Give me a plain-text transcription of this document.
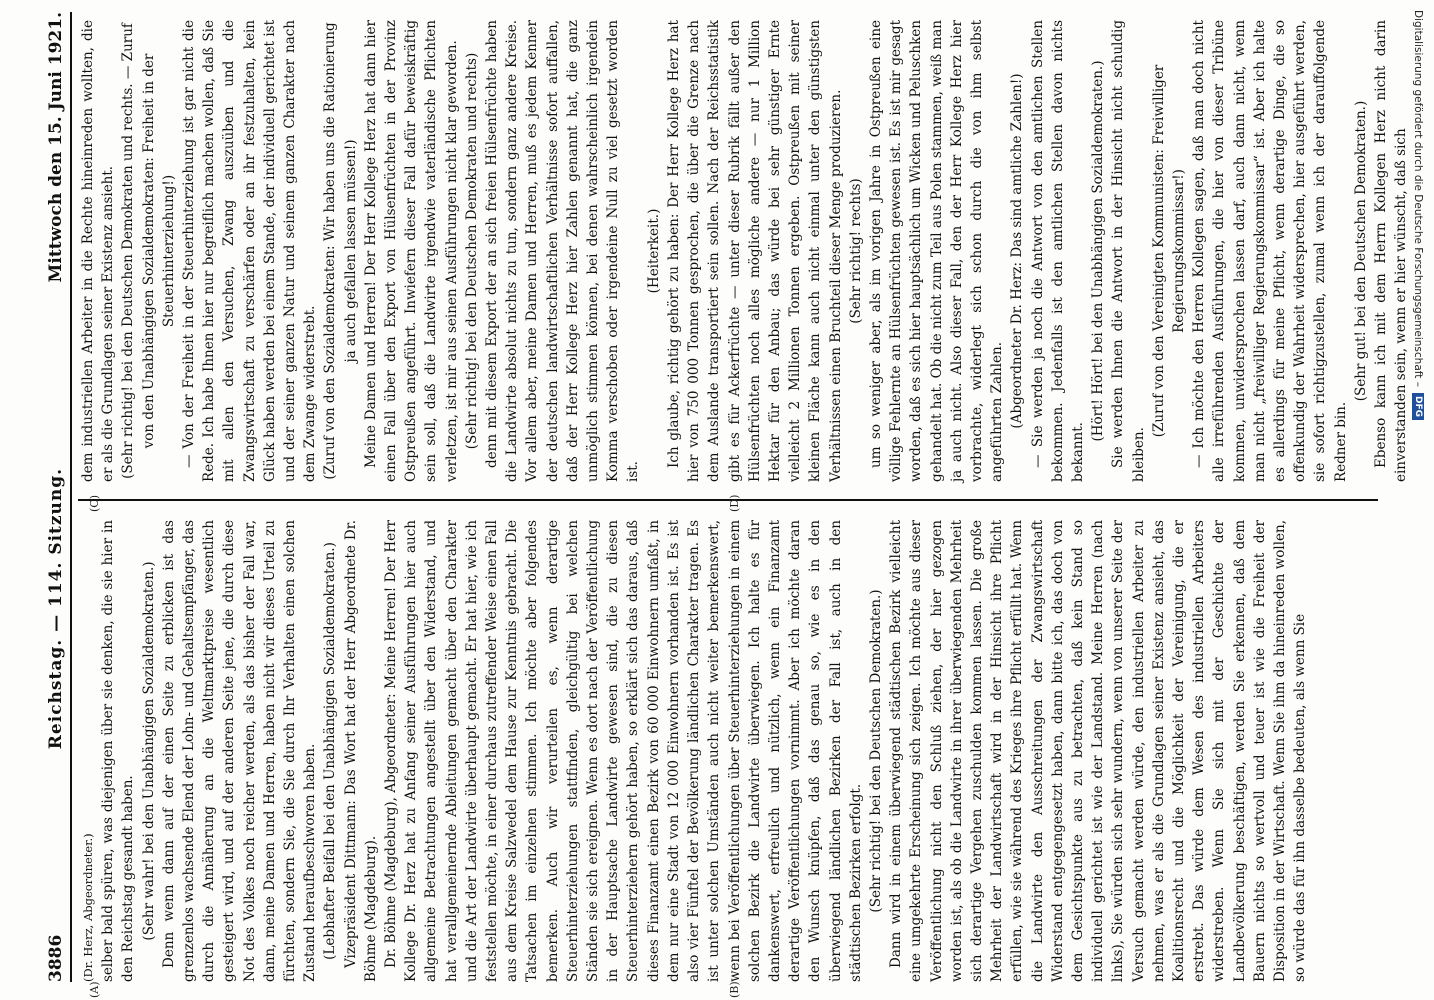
3886
Reichstag. — 114. Sitzung.
Mittwoch den 15. Juni 1921.

(Dr. Herz, Abgeordneter.) selber bald spüren, was diejenigen über sie denken, die sie hier in den Reichstag gesandt haben. (Sehr wahr! bei den Unabhängigen Sozialdemokraten.) Denn wenn dann auf der einen Seite zu erblicken ist das grenzenlos wachsende Elend der Lohn- und Gehaltsempfänger, das durch die Annäherung an die Weltmarktpreise wesentlich gesteigert wird, und auf der anderen Seite jene, die durch diese Not des Volkes noch reicher werden, als das bisher der Fall war, dann, meine Damen und Herren, haben nicht wir dieses Urteil zu fürchten, sondern Sie, die Sie durch Ihr Verhalten einen solchen Zustand heraufbeschworen haben. (Lebhafter Beifall bei den Unabhängigen Sozialdemokraten.) Vizepräsident Dittmann: Das Wort hat der Herr Abgeordnete Dr. Böhme (Magdeburg). Dr. Böhme (Magdeburg), Abgeordneter: Meine Herren! Der Herr Kollege Dr. Herz hat zu Anfang seiner Ausführungen hier auch allgemeine Betrachtungen angestellt über den Widerstand, und hat verallgemeinernde Ableitungen gemacht über den Charakter und die Art der Landwirte überhaupt gemacht. Er hat hier, wie ich feststellen möchte, in einer durchaus zutreffender Weise einen Fall aus dem Kreise Salzwedel dem Hause zur Kenntnis gebracht. Die Tatsachen im einzelnen stimmen. Ich möchte aber folgendes bemerken. Auch wir verurteilen es, wenn derartige Steuerhinterziehungen stattfinden, gleichgültig bei welchen Ständen sie sich ereignen. Wenn es dort nach der Veröffentlichung in der Hauptsache Landwirte gewesen sind, die zu diesen Steuerhinterziehern gehört haben, so erklärt sich das daraus, daß dieses Finanzamt einen Bezirk von 60 000 Einwohnern umfaßt, in dem nur eine Stadt von 12 000 Einwohnern vorhanden ist. Es ist also vier Fünftel der Bevölkerung ländlichen Charakter tragen. Es ist unter solchen Umständen auch nicht weiter bemerkenswert, wenn bei Veröffentlichungen über Steuerhinterziehungen in einem solchen Bezirk die Landwirte überwiegen. Ich halte es für dankenswert, erfreulich und nützlich, wenn ein Finanzamt derartige Veröffentlichungen vornimmt. Aber ich möchte daran den Wunsch knüpfen, daß das genau so, wie es in den überwiegend ländlichen Bezirken der Fall ist, auch in den städtischen Bezirken erfolgt. (Sehr richtig! bei den Deutschen Demokraten.) Dann wird in einem überwiegend städtischen Bezirk vielleicht eine umgekehrte Erscheinung sich zeigen. Ich möchte aus dieser Veröffentlichung nicht den Schluß ziehen, der hier gezogen worden ist, als ob die Landwirte in ihrer überwiegenden Mehrheit sich derartige Vergehen zuschulden kommen lassen. Die große Mehrheit der Landwirtschaft wird in der Hinsicht ihre Pflicht erfüllen, wie sie während des Krieges ihre Pflicht erfüllt hat. Wenn die Landwirte den Ausschreitungen der Zwangswirtschaft Widerstand entgegengesetzt haben, dann bitte ich, das doch von dem Gesichtspunkte aus zu betrachten, daß kein Stand so individuell gerichtet ist wie der Landstand. Meine Herren (nach links), Sie würden sich sehr wundern, wenn von unserer Seite der Versuch gemacht werden würde, den industriellen Arbeiter zu nehmen, was er als die Grundlagen seiner Existenz ansieht, das Koalitionsrecht und die Möglichkeit der Vereinigung, die er erstrebt. Das würde dem Wesen des industriellen Arbeiters widerstreben. Wenn Sie sich mit der Geschichte der Landbevölkerung beschäftigen, werden Sie erkennen, daß dem Bauern nichts so wertvoll und teuer ist wie die Freiheit der Disposition in der Wirtschaft. Wenn Sie ihm da hineinreden wollen, so würde das für ihn dasselbe bedeuten, als wenn Sie

dem industriellen Arbeiter in die Rechte hineinreden wollten, die er als die Grundlagen seiner Existenz ansieht. (Sehr richtig! bei den Deutschen Demokraten und rechts. — Zuruf von den Unabhängigen Sozialdemokraten: Freiheit in der Steuerhinterziehung!) — Von der Freiheit in der Steuerhinterziehung ist gar nicht die Rede. Ich habe Ihnen hier nur begreiflich machen wollen, daß Sie mit allen den Versuchen, Zwang auszuüben und die Zwangswirtschaft zu verschärfen oder an ihr festzuhalten, kein Glück haben werden bei einem Stande, der individuell gerichtet ist und der seiner ganzen Natur und seinem ganzen Charakter nach dem Zwange widerstrebt. (Zuruf von den Sozialdemokraten: Wir haben uns die Rationierung ja auch gefallen lassen müssen!) Meine Damen und Herren! Der Herr Kollege Herz hat dann hier einen Fall über den Export von Hülsenfrüchten in der Provinz Ostpreußen angeführt. Inwiefern dieser Fall dafür beweiskräftig sein soll, daß die Landwirte irgendwie vaterländische Pflichten verletzen, ist mir aus seinen Ausführungen nicht klar geworden. (Sehr richtig! bei den Deutschen Demokraten und rechts) denn mit diesem Export der an sich freien Hülsenfrüchte haben die Landwirte absolut nichts zu tun, sondern ganz andere Kreise. Vor allem aber, meine Damen und Herren, muß es jedem Kenner der deutschen landwirtschaftlichen Verhältnisse sofort auffallen, daß der Herr Kollege Herz hier Zahlen genannt hat, die ganz unmöglich stimmen können, bei denen wahrscheinlich irgendein Komma verschoben oder irgendeine Null zu viel gesetzt worden ist.

(Heiterkeit.) Ich glaube, richtig gehört zu haben: Der Herr Kollege Herz hat hier von 750 000 Tonnen gesprochen, die über die Grenze nach dem Auslande transportiert sein sollen. Nach der Reichsstatistik gibt es für Ackerfrüchte — unter dieser Rubrik fällt außer den Hülsenfrüchten noch alles mögliche andere — nur 1 Million Hektar für den Anbau; das würde bei sehr günstiger Ernte vielleicht 2 Millionen Tonnen ergeben. Ostpreußen mit seiner kleinen Fläche kann auch nicht einmal unter den günstigsten Verhältnissen einen Bruchteil dieser Menge produzieren. (Sehr richtig! rechts) um so weniger aber, als im vorigen Jahre in Ostpreußen eine völlige Fehlernte an Hülsenfrüchten gewesen ist. Es ist mir gesagt worden, daß es sich hier hauptsächlich um Wicken und Peluschken gehandelt hat. Ob die nicht zum Teil aus Polen stammen, weiß man ja auch nicht. Also dieser Fall, den der Herr Kollege Herz hier vorbrachte, widerlegt sich schon durch die von ihm selbst angeführten Zahlen. (Abgeordneter Dr. Herz: Das sind amtliche Zahlen!) — Sie werden ja noch die Antwort von den amtlichen Stellen bekommen. Jedenfalls ist den amtlichen Stellen davon nichts bekannt.

(Hört! Hört! bei den Unabhängigen Sozialdemokraten.) Sie werden Ihnen die Antwort in der Hinsicht nicht schuldig bleiben.

(Zuruf von den Vereinigten Kommunisten: Freiwilliger Regierungskommissar!) — Ich möchte den Herren Kollegen sagen, daß man doch nicht alle irreführenden Ausführungen, die hier von dieser Tribüne kommen, unwidersprochen lassen darf, auch dann nicht, wenn man nicht „freiwilliger Regierungskommissar“ ist. Aber ich halte es allerdings für meine Pflicht, wenn derartige Dinge, die so offenkundig der Wahrheit widersprechen, hier ausgeführt werden, sie sofort richtigzustellen, zumal wenn ich der darauffolgende Redner bin.

(Sehr gut! bei den Deutschen Demokraten.) Ebenso kann ich mit dem Herrn Kollegen Herz nicht darin einverstanden sein, wenn er hier wünscht, daß sich

(A)	(B)
(C)	(D)
Digitalisierung gefördert durch die Deutsche Forschungsgemeinschaft –
DFG
